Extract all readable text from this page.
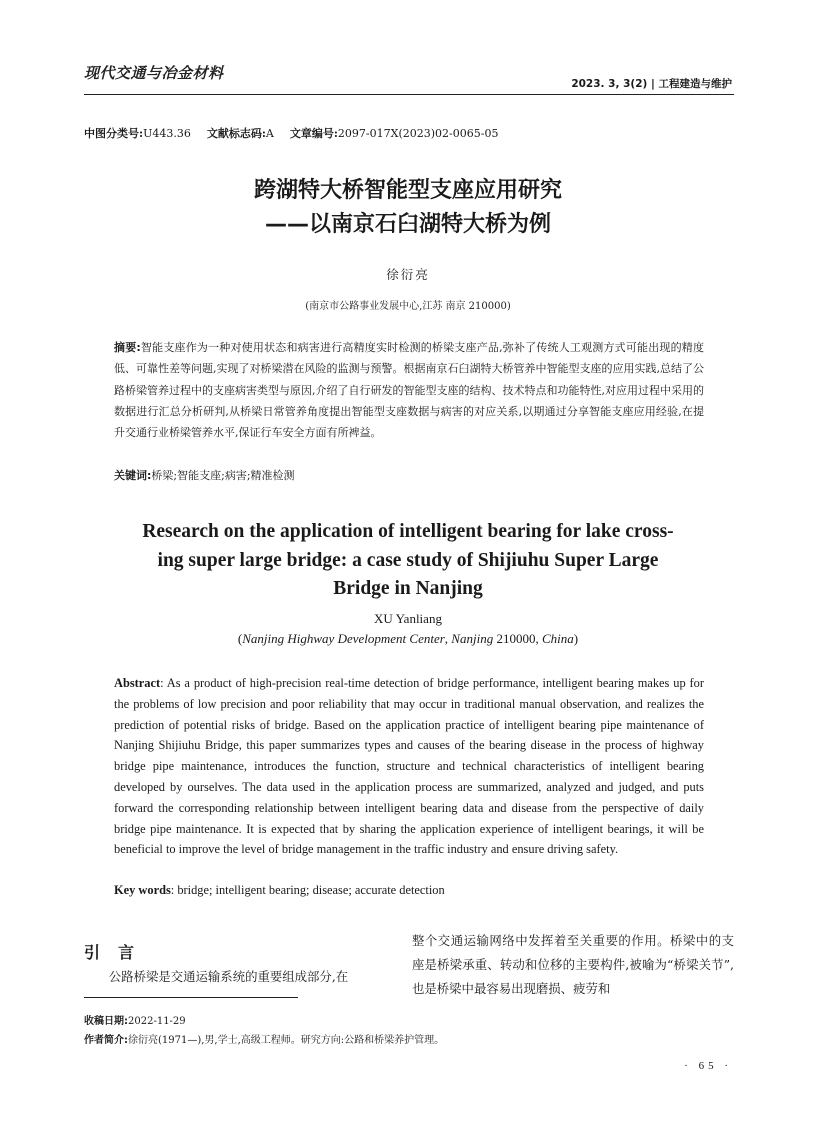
现代交通与冶金材料
2023. 3, 3(2) | 工程建造与维护
中图分类号:U443.36 文献标志码:A 文章编号:2097-017X(2023)02-0065-05
跨湖特大桥智能型支座应用研究
——以南京石臼湖特大桥为例
徐衍亮
(南京市公路事业发展中心,江苏 南京 210000)
摘要:智能支座作为一种对使用状态和病害进行高精度实时检测的桥梁支座产品,弥补了传统人工观测方式可能出现的精度低、可靠性差等问题,实现了对桥梁潜在风险的监测与预警。根据南京石臼湖特大桥管养中智能型支座的应用实践,总结了公路桥梁管养过程中的支座病害类型与原因,介绍了自行研发的智能型支座的结构、技术特点和功能特性,对应用过程中采用的数据进行汇总分析研判,从桥梁日常管养角度提出智能型支座数据与病害的对应关系,以期通过分享智能支座应用经验,在提升交通行业桥梁管养水平,保证行车安全方面有所裨益。
关键词:桥梁;智能支座;病害;精准检测
Research on the application of intelligent bearing for lake cross-
ing super large bridge: a case study of Shijiuhu Super Large
Bridge in Nanjing
XU Yanliang
(Nanjing Highway Development Center, Nanjing 210000, China)
Abstract: As a product of high-precision real-time detection of bridge performance, intelligent bearing makes up for the problems of low precision and poor reliability that may occur in traditional manual observation, and realizes the prediction of potential risks of bridge. Based on the application practice of intelligent bearing pipe maintenance of Nanjing Shijiuhu Bridge, this paper summarizes types and causes of the bearing disease in the process of highway bridge pipe maintenance, introduces the function, structure and technical characteristics of intelligent bearing developed by ourselves. The data used in the application process are summarized, analyzed and judged, and puts forward the corresponding relationship between intelligent bearing data and disease from the perspective of daily bridge pipe maintenance. It is expected that by sharing the application experience of intelligent bearings, it will be beneficial to improve the level of bridge management in the traffic industry and ensure driving safety.
Key words: bridge; intelligent bearing; disease; accurate detection
引言
公路桥梁是交通运输系统的重要组成部分,在
整个交通运输网络中发挥着至关重要的作用。桥梁中的支座是桥梁承重、转动和位移的主要构件,被喻为“桥梁关节”,也是桥梁中最容易出现磨损、疲劳和
收稿日期:2022-11-29
作者简介:徐衍亮(1971—),男,学士,高级工程师。研究方向:公路和桥梁养护管理。
· 65 ·
